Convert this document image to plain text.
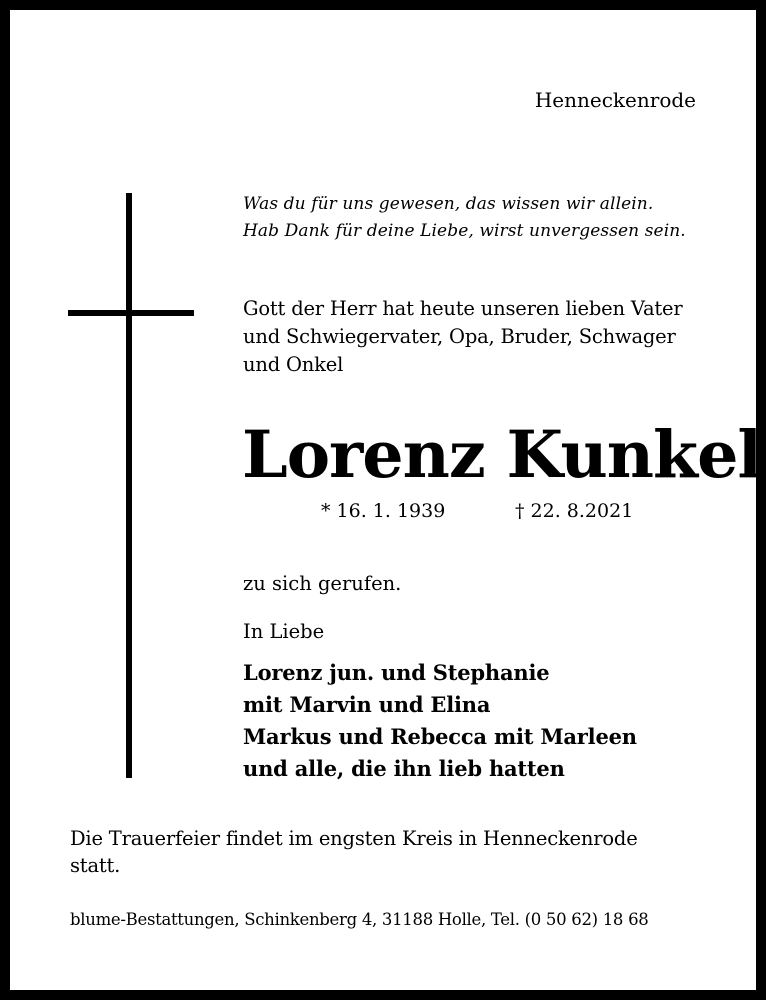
Henneckenrode

Was du für uns gewesen, das wissen wir allein.
Hab Dank für deine Liebe, wirst unvergessen sein.
Gott der Herr hat heute unseren lieben Vater
und Schwiegervater, Opa, Bruder, Schwager
und Onkel
Lorenz Kunkel

* 16. 1. 1939	† 22. 8.2021

zu sich gerufen.

In Liebe

Lorenz jun. und Stephanie
mit Marvin und Elina
Markus und Rebecca mit Marleen
und alle, die ihn lieb hatten
Die Trauerfeier findet im engsten Kreis in Henneckenrode
statt.

blume-Bestattungen, Schinkenberg 4, 31188 Holle, Tel. (0 50 62) 18 68
